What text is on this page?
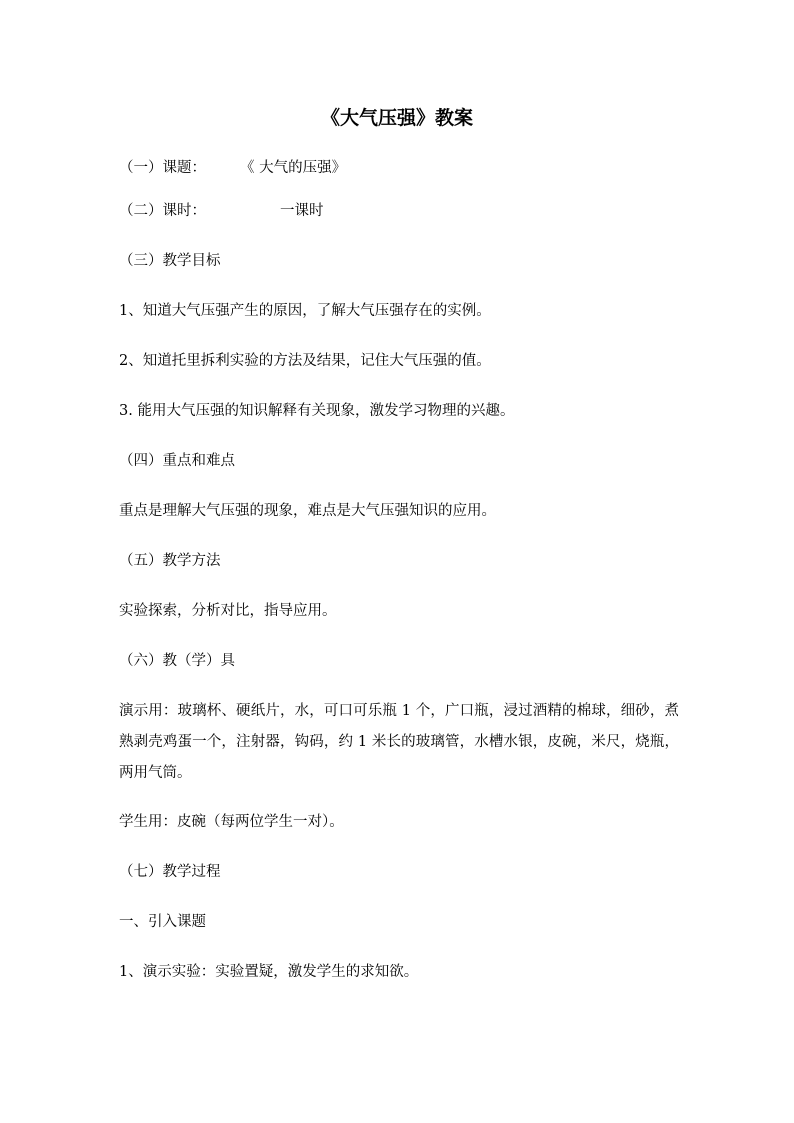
《大气压强》教案
（一）课题： 《 大气的压强》
（二）课时：	一课时
（三）教学目标
1、知道大气压强产生的原因，了解大气压强存在的实例。
2、知道托里拆利实验的方法及结果，记住大气压强的值。
3. 能用大气压强的知识解释有关现象，激发学习物理的兴趣。
（四）重点和难点
重点是理解大气压强的现象，难点是大气压强知识的应用。
（五）教学方法
实验探索，分析对比，指导应用。
（六）教（学）具
演示用：玻璃杯、硬纸片，水，可口可乐瓶 1 个，广口瓶，浸过酒精的棉球，细砂，煮熟剥壳鸡蛋一个，注射器，钩码，约 1 米长的玻璃管，水槽水银，皮碗，米尺，烧瓶，两用气筒。
学生用：皮碗（每两位学生一对）。
（七）教学过程
一、引入课题
1、演示实验：实验置疑，激发学生的求知欲。
